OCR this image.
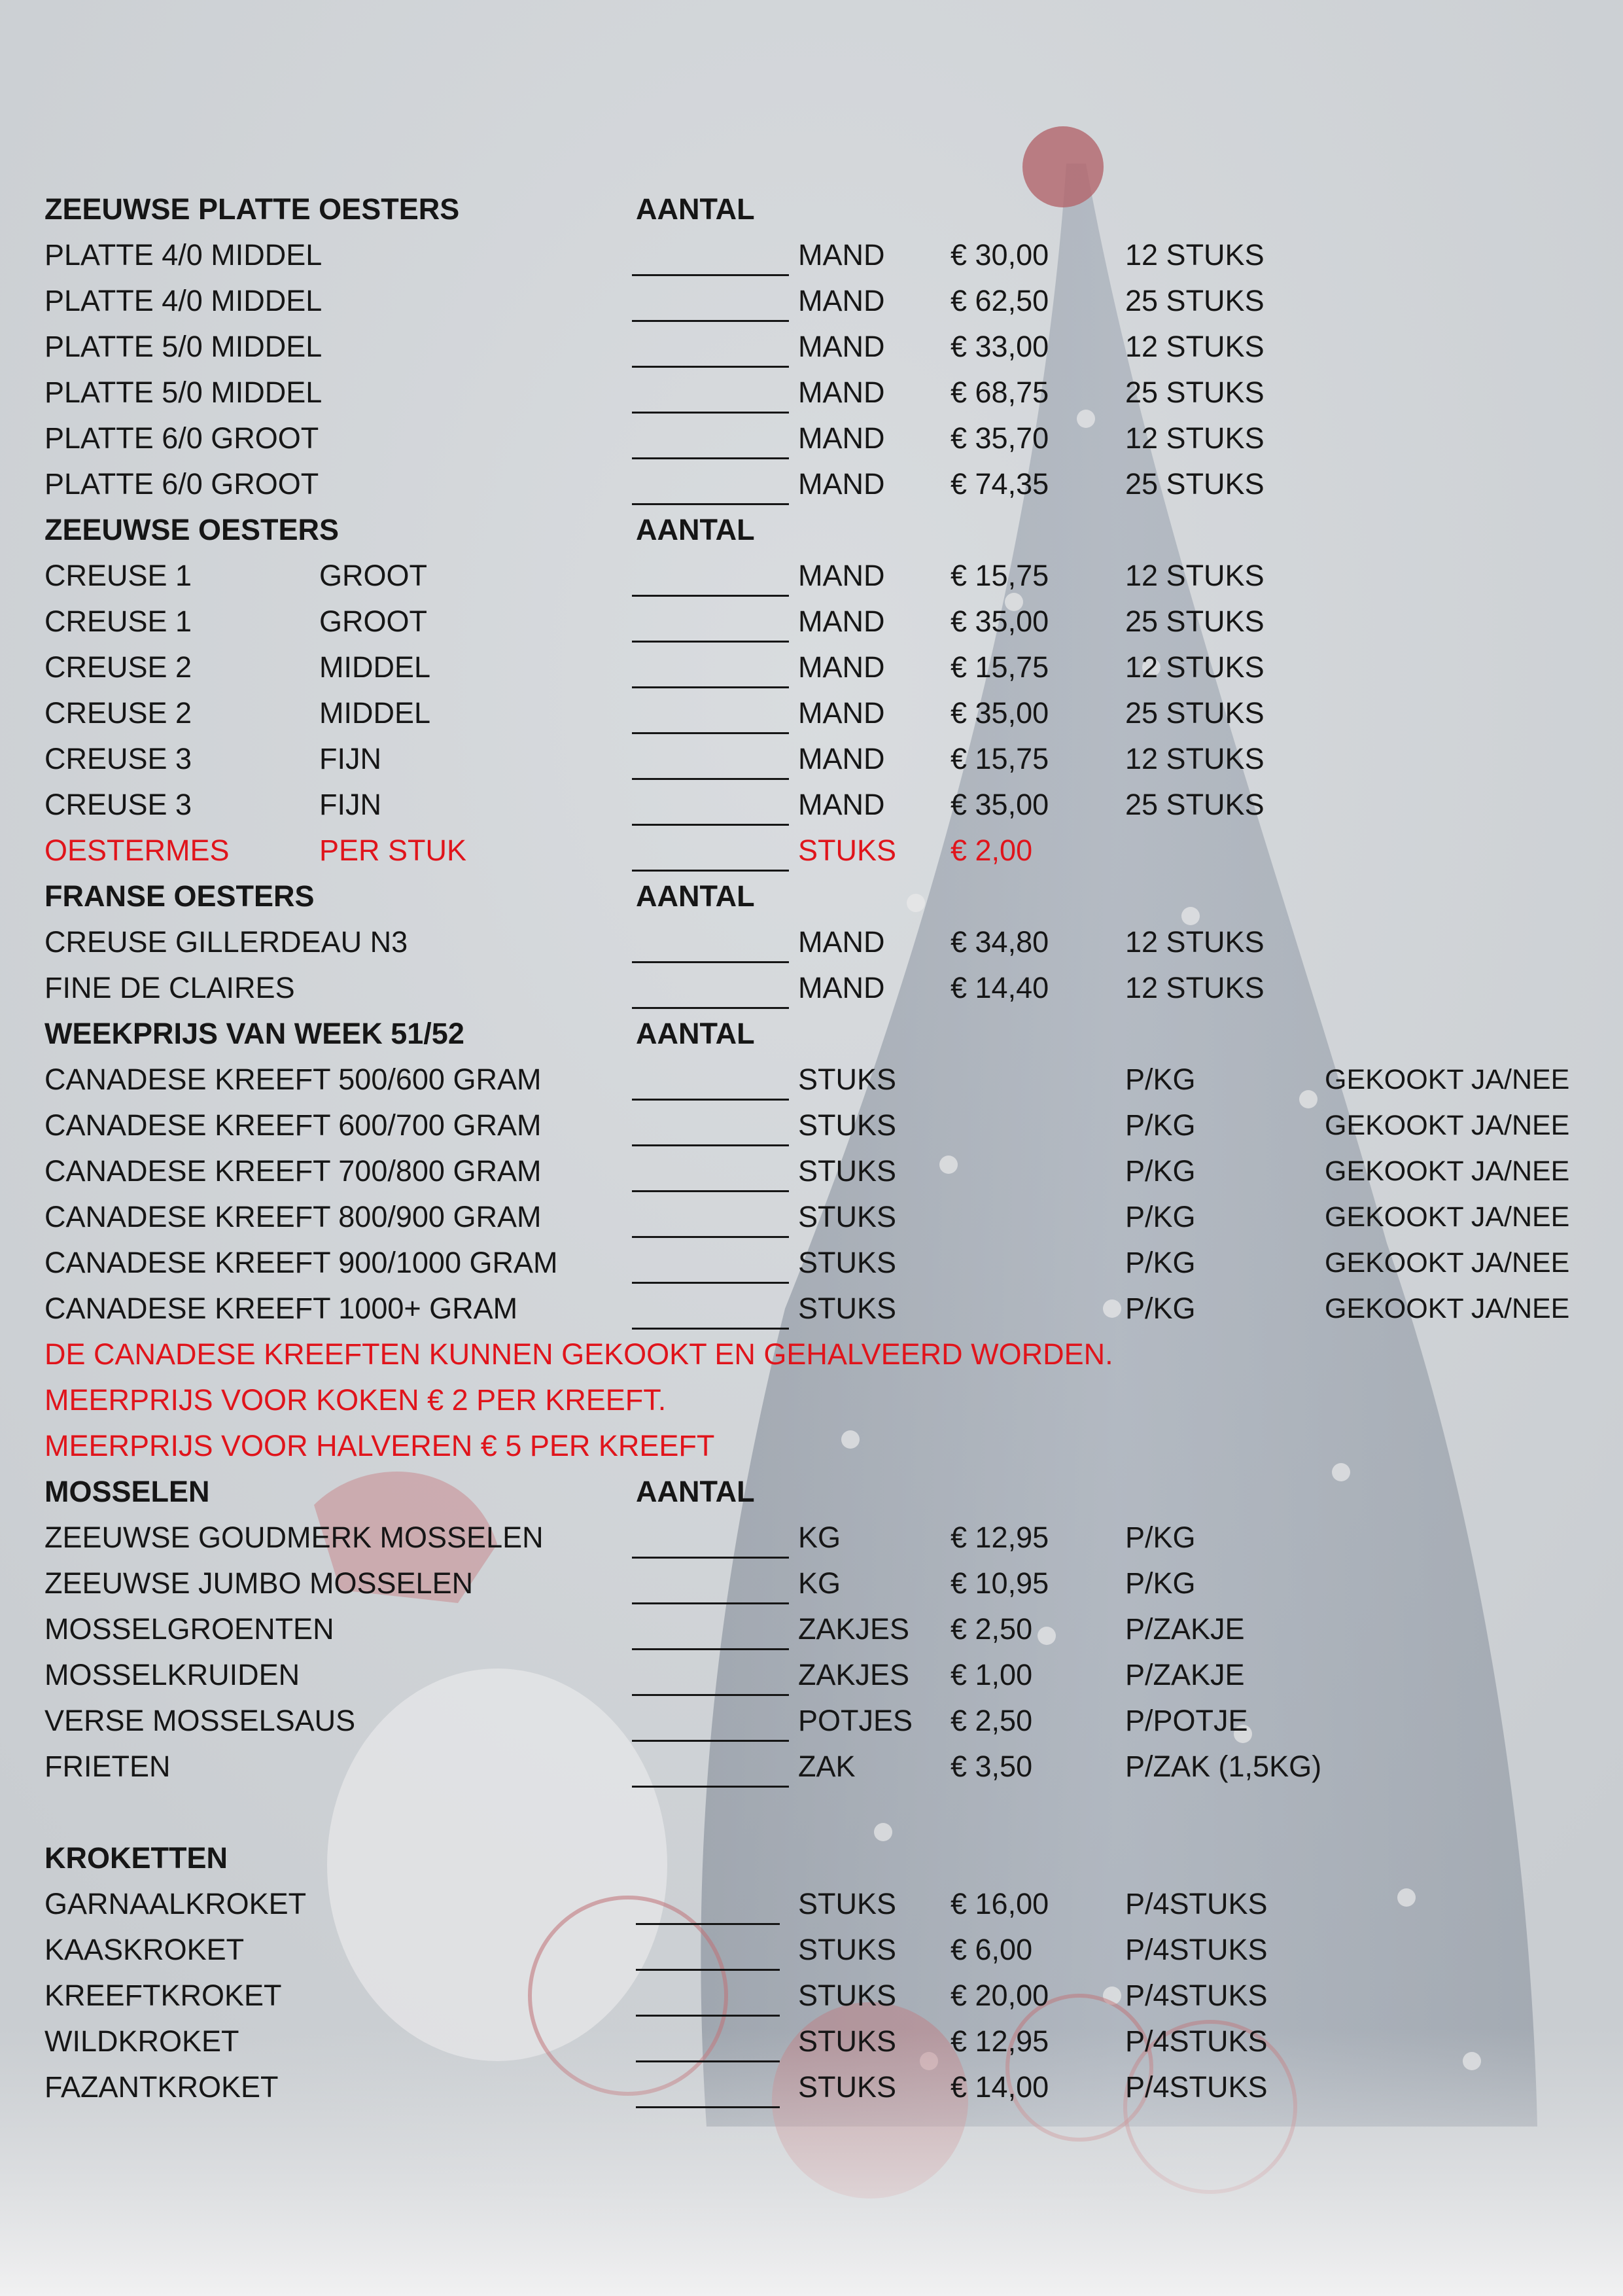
ZEEUWSE PLATTE OESTERS	AANTAL
PLATTE 4/0 MIDDEL	MAND € 30,00	12 STUKS
PLATTE 4/0 MIDDEL	MAND € 62,50	25 STUKS
PLATTE 5/0 MIDDEL	MAND € 33,00	12 STUKS
PLATTE 5/0 MIDDEL	MAND € 68,75	25 STUKS
PLATTE 6/0 GROOT	MAND € 35,70	12 STUKS
PLATTE 6/0 GROOT	MAND € 74,35	25 STUKS
ZEEUWSE OESTERS	AANTAL
CREUSE 1	GROOT	MAND € 15,75	12 STUKS
CREUSE 1	GROOT	MAND € 35,00	25 STUKS
CREUSE 2	MIDDEL	MAND € 15,75	12 STUKS
CREUSE 2	MIDDEL	MAND € 35,00	25 STUKS
CREUSE 3	FIJN	MAND € 15,75	12 STUKS
CREUSE 3	FIJN	MAND € 35,00	25 STUKS
OESTERMES	PER STUK	STUKS € 2,00
FRANSE OESTERS	AANTAL
CREUSE GILLERDEAU N3	MAND € 34,80	12 STUKS
FINE DE CLAIRES	MAND € 14,40	12 STUKS
WEEKPRIJS VAN WEEK 51/52	AANTAL
CANADESE KREEFT 500/600 GRAM	STUKS	P/KG	GEKOOKT JA/NEE
CANADESE KREEFT 600/700 GRAM	STUKS	P/KG	GEKOOKT JA/NEE
CANADESE KREEFT 700/800 GRAM	STUKS	P/KG	GEKOOKT JA/NEE
CANADESE KREEFT 800/900 GRAM	STUKS	P/KG	GEKOOKT JA/NEE
CANADESE KREEFT 900/1000 GRAM	STUKS	P/KG	GEKOOKT JA/NEE
CANADESE KREEFT 1000+ GRAM	STUKS	P/KG	GEKOOKT JA/NEE
DE CANADESE KREEFTEN KUNNEN GEKOOKT EN GEHALVEERD WORDEN.
MEERPRIJS VOOR KOKEN € 2 PER KREEFT.
MEERPRIJS VOOR HALVEREN € 5 PER KREEFT
MOSSELEN	AANTAL
ZEEUWSE GOUDMERK MOSSELEN	KG	€ 12,95	P/KG
ZEEUWSE JUMBO MOSSELEN	KG	€ 10,95	P/KG
MOSSELGROENTEN	ZAKJES € 2,50	P/ZAKJE
MOSSELKRUIDEN	ZAKJES € 1,00	P/ZAKJE
VERSE MOSSELSAUS	POTJES € 2,50	P/POTJE
FRIETEN	ZAK	€ 3,50	P/ZAK (1,5KG)
KROKETTEN
GARNAALKROKET	STUKS € 16,00	P/4STUKS
KAASKROKET	STUKS € 6,00	P/4STUKS
KREEFTKROKET	STUKS € 20,00	P/4STUKS
WILDKROKET	STUKS € 12,95	P/4STUKS
FAZANTKROKET	STUKS € 14,00	P/4STUKS
